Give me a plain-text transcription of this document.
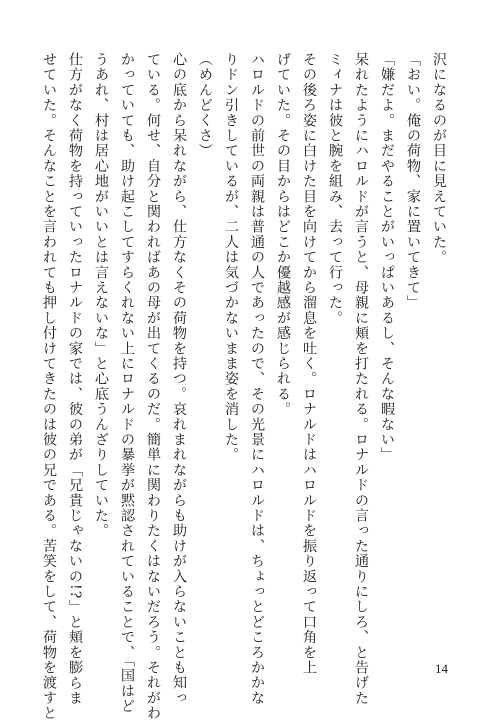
沢になるのが目に見えていた。
「おい。俺の荷物、家に置いてきて」
「嫌だよ。まだやることがいっぱいあるし、そんな暇ない」
呆れたようにハロルドが言うと、母親に頬を打たれる。ロナルドの言った通りにしろ、と告げた
ミィナは彼と腕を組み、去って行った。
その後ろ姿に白けた目を向けてから溜息を吐く。ロナルドはハロルドを振り返って口角を上
げていた。その目からはどこか優越感が感じられる。
ハロルドの前世の両親は普通の人であったので、その光景にハロルドは、ちょっとどころかかな
りドン引きしているが、二人は気づかないまま姿を消した。
（めんどくさ）
心の底から呆れながら、仕方なくその荷物を持つ。哀れまれながらも助けが入らないことも知っ
ている。何せ、自分と関わればあの母が出てくるのだ。簡単に関わりたくはないだろう。それがわ
かっていても、助け起こしてすらくれない上にロナルドの暴挙が黙認されていることで、「国はど
うあれ、村は居心地がいいとは言えないな」と心底うんざりしていた。
仕方がなく荷物を持っていったロナルドの家では、彼の弟が「兄貴じゃないの!?」と頬を膨らま
せていた。そんなことを言われても押し付けてきたのは彼の兄である。苦笑をして、荷物を渡すと	14
